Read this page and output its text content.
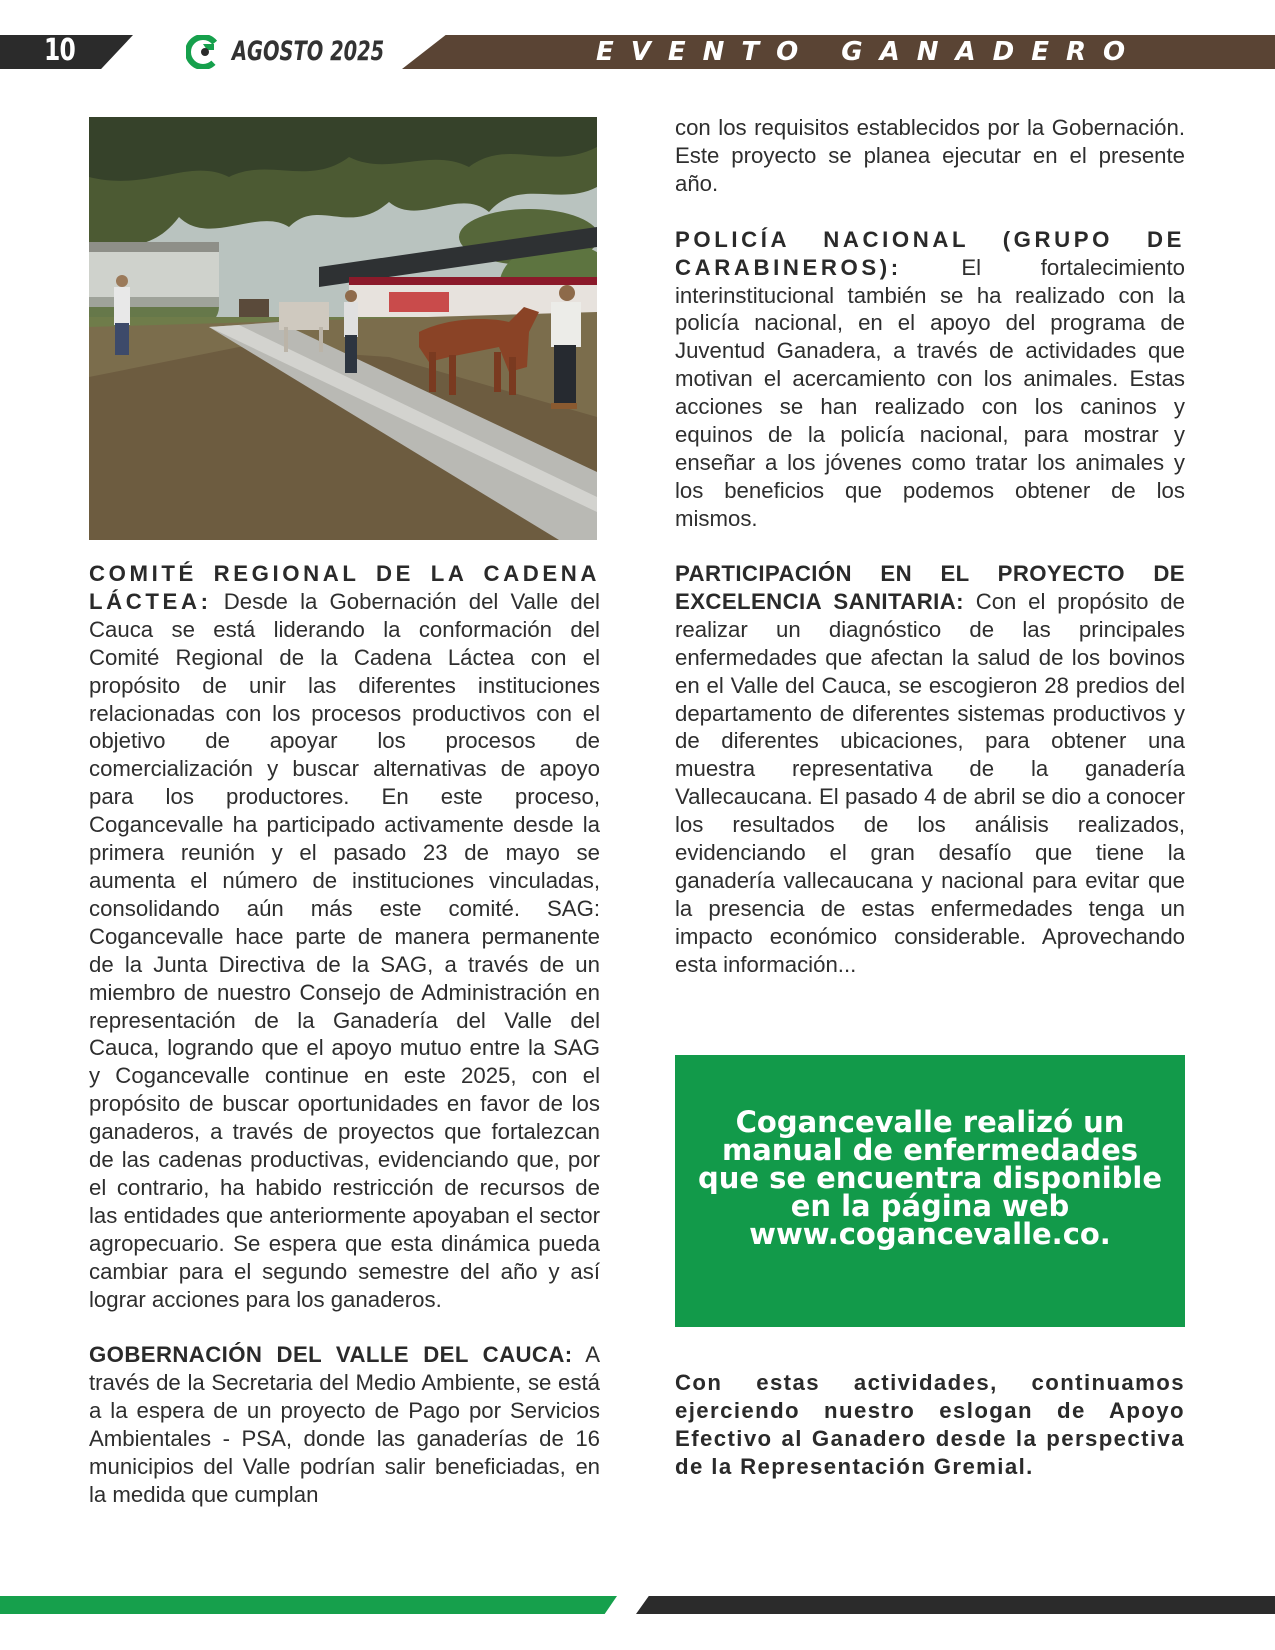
10	AGOSTO 2025	EVENTO GANADERO

COMITÉ REGIONAL DE LA CADENA LÁCTEA: Desde la Gobernación del Valle del Cauca se está liderando la conformación del Comité Regional de la Cadena Láctea con el propósito de unir las diferentes instituciones relacionadas con los procesos productivos con el objetivo de apoyar los procesos de comercialización y buscar alternativas de apoyo para los productores. En este proceso, Cogancevalle ha participado activamente desde la primera reunión y el pasado 23 de mayo se aumenta el número de instituciones vinculadas, consolidando aún más este comité. SAG: Cogancevalle hace parte de manera permanente de la Junta Directiva de la SAG, a través de un miembro de nuestro Consejo de Administración en representación de la Ganadería del Valle del Cauca, logrando que el apoyo mutuo entre la SAG y Cogancevalle continue en este 2025, con el propósito de buscar oportunidades en favor de los ganaderos, a través de proyectos que fortalezcan de las cadenas productivas, evidenciando que, por el contrario, ha habido restricción de recursos de las entidades que anteriormente apoyaban el sector agropecuario. Se espera que esta dinámica pueda cambiar para el segundo semestre del año y así lograr acciones para los ganaderos.

GOBERNACIÓN DEL VALLE DEL CAUCA: A través de la Secretaria del Medio Ambiente, se está a la espera de un proyecto de Pago por Servicios Ambientales - PSA, donde las ganaderías de 16 municipios del Valle podrían salir beneficiadas, en la medida que cumplan

con los requisitos establecidos por la Gobernación. Este proyecto se planea ejecutar en el presente año.

POLICÍA NACIONAL (GRUPO DE CARABINEROS): El fortalecimiento interinstitucional también se ha realizado con la policía nacional, en el apoyo del programa de Juventud Ganadera, a través de actividades que motivan el acercamiento con los animales. Estas acciones se han realizado con los caninos y equinos de la policía nacional, para mostrar y enseñar a los jóvenes como tratar los animales y los beneficios que podemos obtener de los mismos.

PARTICIPACIÓN EN EL PROYECTO DE EXCELENCIA SANITARIA: Con el propósito de realizar un diagnóstico de las principales enfermedades que afectan la salud de los bovinos en el Valle del Cauca, se escogieron 28 predios del departamento de diferentes sistemas productivos y de diferentes ubicaciones, para obtener una muestra representativa de la ganadería Vallecaucana. El pasado 4 de abril se dio a conocer los resultados de los análisis realizados, evidenciando el gran desafío que tiene la ganadería vallecaucana y nacional para evitar que la presencia de estas enfermedades tenga un impacto económico considerable. Aprovechando esta información...

Cogancevalle realizó un manual de enfermedades que se encuentra disponible en la página web www.cogancevalle.co.
Con estas actividades, continuamos ejerciendo nuestro eslogan de Apoyo Efectivo al Ganadero desde la perspectiva de la Representación Gremial.
